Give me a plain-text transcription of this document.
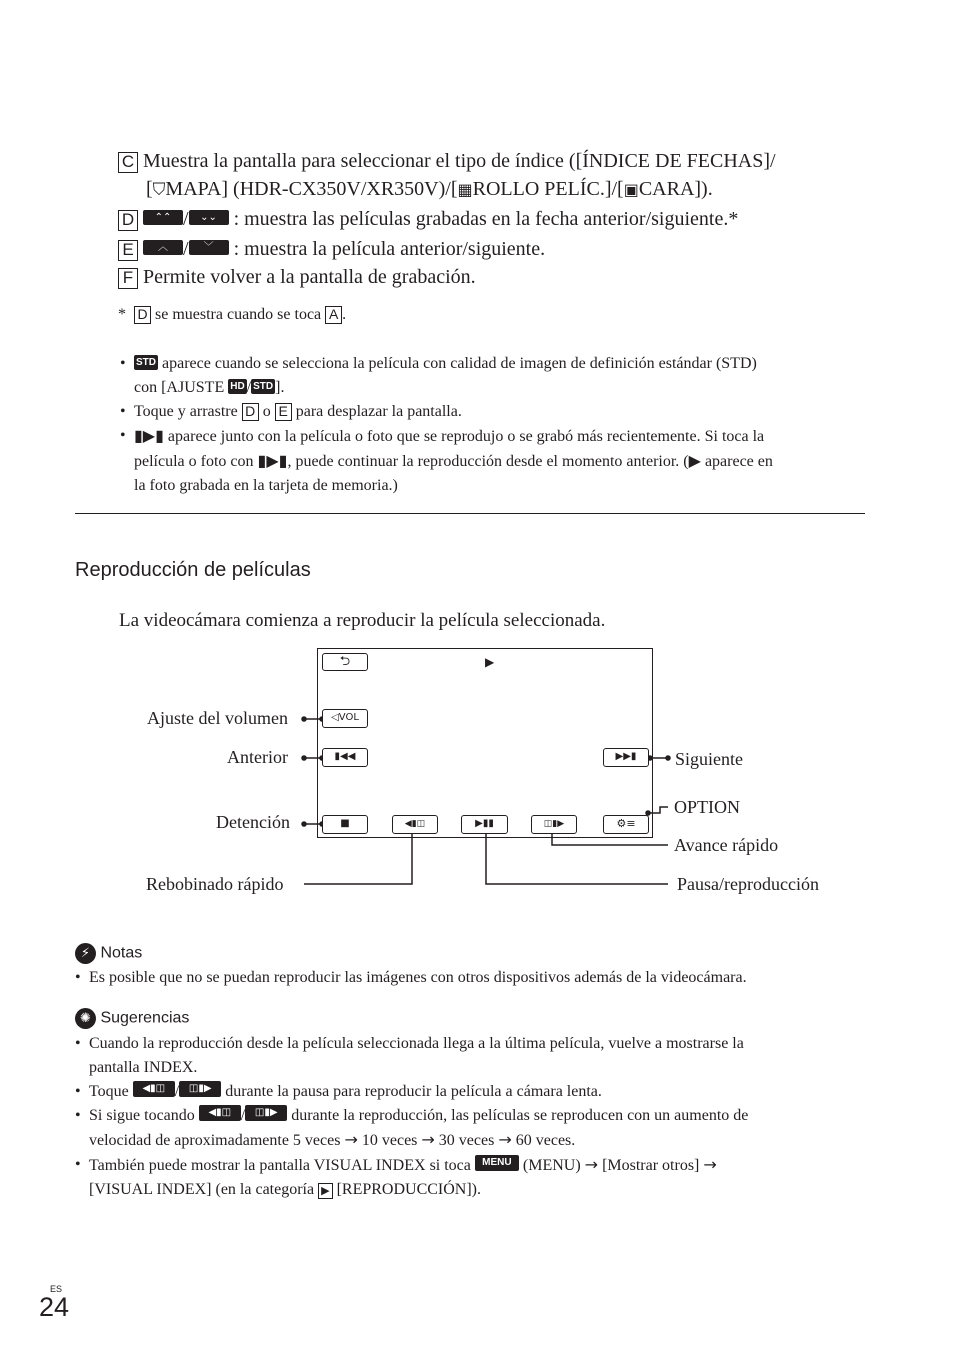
C Muestra la pantalla para seleccionar el tipo de índice ([ÍNDICE DE FECHAS]/
[⛉MAPA] (HDR-CX350V/XR350V)/[▦ROLLO PELÍC.]/[▣CARA]).
D ⌃⌃ / ⌄⌄ : muestra las películas grabadas en la fecha anterior/siguiente.*
E ︿ / ﹀ : muestra la película anterior/siguiente.
F Permite volver a la pantalla de grabación.
* D se muestra cuando se toca A .
• STD aparece cuando se selecciona la película con calidad de imagen de definición estándar (STD)
con [AJUSTE HD / STD ].
• Toque y arrastre D o E para desplazar la pantalla.
• ▮▶▮ aparece junto con la película o foto que se reprodujo o se grabó más recientemente. Si toca la
película o foto con ▮▶▮, puede continuar la reproducción desde el momento anterior. (▶ aparece en
la foto grabada en la tarjeta de memoria.)
Reproducción de películas
La videocámara comienza a reproducir la película seleccionada.
⮌	▶
◁VOL
▮◀◀	▶▶▮
■	◀▮◫	▶▮▮	◫▮▶	⚙≡
Ajuste del volumen
Anterior	Siguiente
Detención
OPTION
Avance rápido
Rebobinado rápido	Pausa/reproducción
⚡ Notas
• Es posible que no se puedan reproducir las imágenes con otros dispositivos además de la videocámara.
✺ Sugerencias
• Cuando la reproducción desde la película seleccionada llega a la última película, vuelve a mostrarse la
pantalla INDEX.
• Toque ◀▮◫ / ◫▮▶ durante la pausa para reproducir la película a cámara lenta.
• Si sigue tocando ◀▮◫ / ◫▮▶ durante la reproducción, las películas se reproducen con un aumento de
velocidad de aproximadamente 5 veces → 10 veces → 30 veces → 60 veces.
• También puede mostrar la pantalla VISUAL INDEX si toca MENU (MENU) → [Mostrar otros] →
[VISUAL INDEX] (en la categoría ▶ [REPRODUCCIÓN]).
ES
24
